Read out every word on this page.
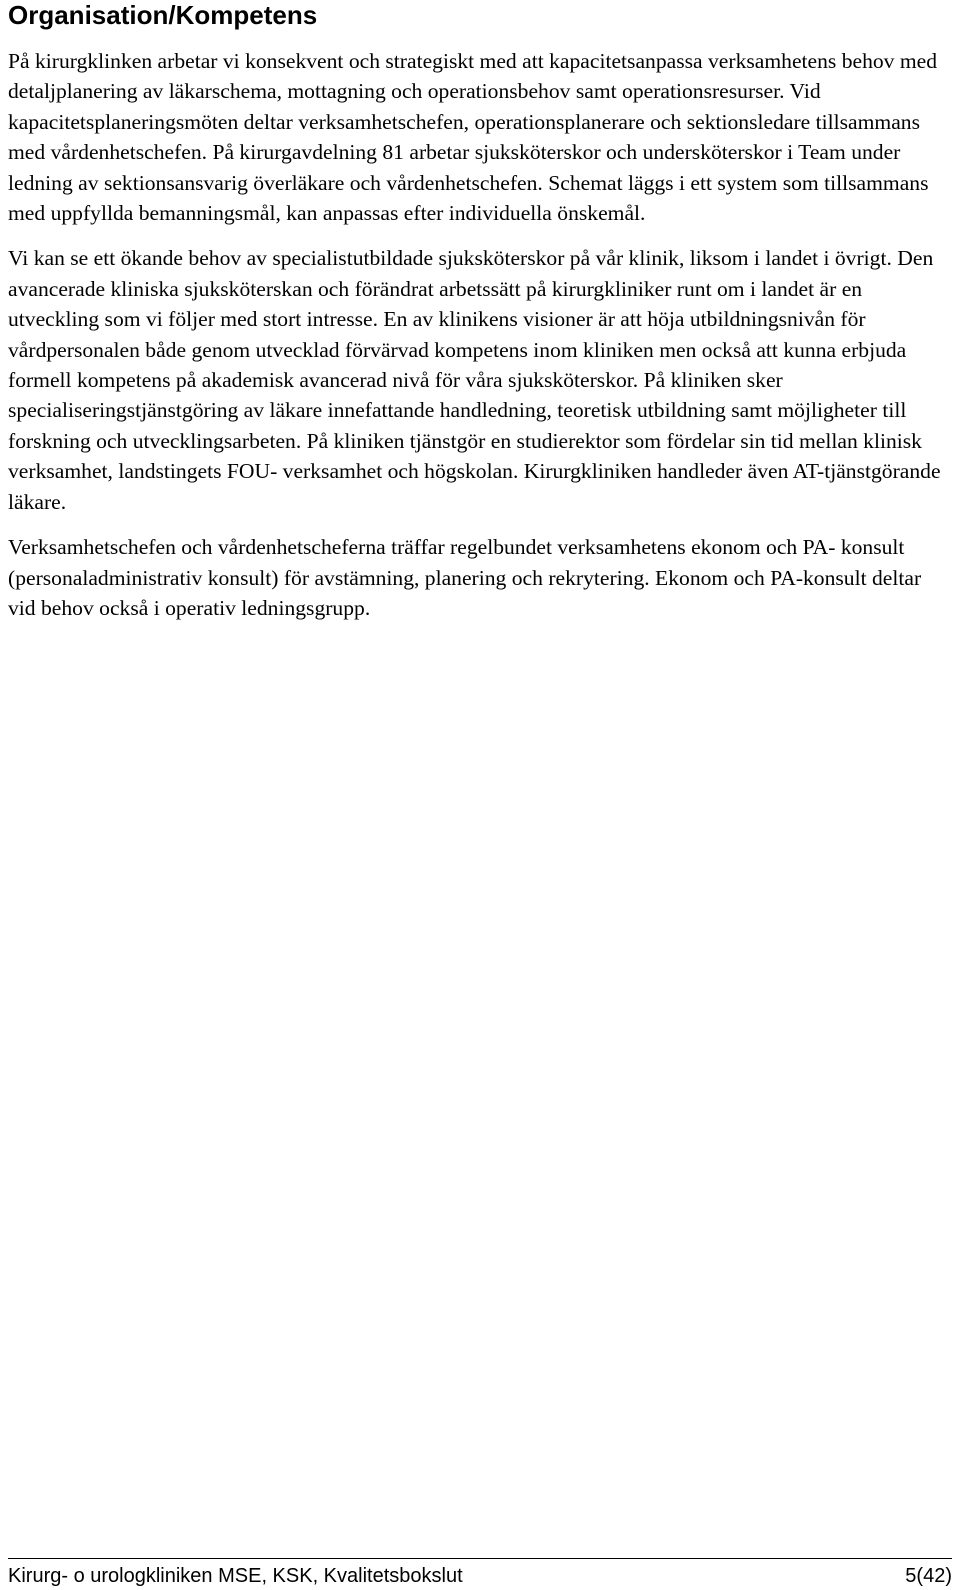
Organisation/Kompetens

På kirurgklinken arbetar vi konsekvent och strategiskt med att kapacitetsanpassa verksamhetens behov med detaljplanering av läkarschema, mottagning och operationsbehov samt operationsresurser. Vid kapacitetsplaneringsmöten deltar verksamhetschefen, operationsplanerare och sektionsledare tillsammans med vårdenhetschefen. På kirurgavdelning 81 arbetar sjuksköterskor och undersköterskor i Team under ledning av sektionsansvarig överläkare och vårdenhetschefen. Schemat läggs i ett system som tillsammans med uppfyllda bemanningsmål, kan anpassas efter individuella önskemål.

Vi kan se ett ökande behov av specialistutbildade sjuksköterskor på vår klinik, liksom i landet i övrigt. Den avancerade kliniska sjuksköterskan och förändrat arbetssätt på kirurgkliniker runt om i landet är en utveckling som vi följer med stort intresse. En av klinikens visioner är att höja utbildningsnivån för vårdpersonalen både genom utvecklad förvärvad kompetens inom kliniken men också att kunna erbjuda formell kompetens på akademisk avancerad nivå för våra sjuksköterskor. På kliniken sker specialiseringstjänstgöring av läkare innefattande handledning, teoretisk utbildning samt möjligheter till forskning och utvecklingsarbeten. På kliniken tjänstgör en studierektor som fördelar sin tid mellan klinisk verksamhet, landstingets FOU- verksamhet och högskolan. Kirurgkliniken handleder även AT-tjänstgörande läkare.

Verksamhetschefen och vårdenhetscheferna träffar regelbundet verksamhetens ekonom och PA- konsult (personaladministrativ konsult) för avstämning, planering och rekrytering. Ekonom och PA-konsult deltar vid behov också i operativ ledningsgrupp.

Kirurg- o urologkliniken MSE, KSK, Kvalitetsbokslut	5(42)
